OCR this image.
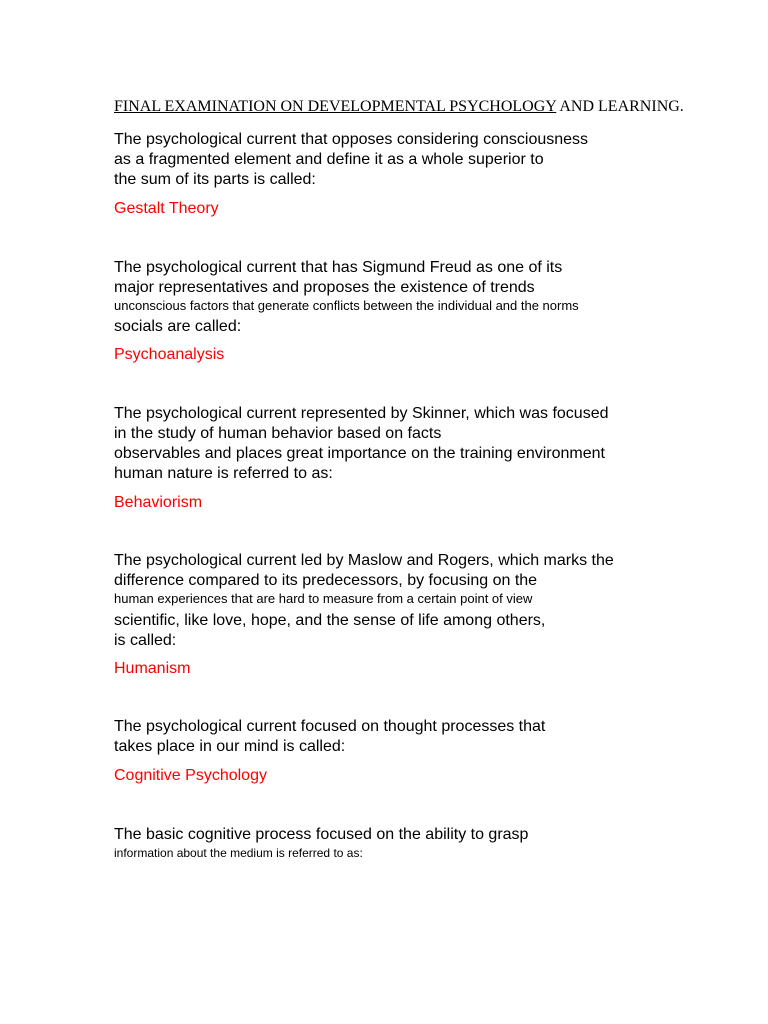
FINAL EXAMINATION ON DEVELOPMENTAL PSYCHOLOGY AND LEARNING.
The psychological current that opposes considering consciousness
as a fragmented element and define it as a whole superior to
the sum of its parts is called:
Gestalt Theory
The psychological current that has Sigmund Freud as one of its
major representatives and proposes the existence of trends
unconscious factors that generate conflicts between the individual and the norms
socials are called:
Psychoanalysis
The psychological current represented by Skinner, which was focused
in the study of human behavior based on facts
observables and places great importance on the training environment
human nature is referred to as:
Behaviorism
The psychological current led by Maslow and Rogers, which marks the
difference compared to its predecessors, by focusing on the
human experiences that are hard to measure from a certain point of view
scientific, like love, hope, and the sense of life among others,
is called:
Humanism
The psychological current focused on thought processes that
takes place in our mind is called:
Cognitive Psychology
The basic cognitive process focused on the ability to grasp
information about the medium is referred to as:
